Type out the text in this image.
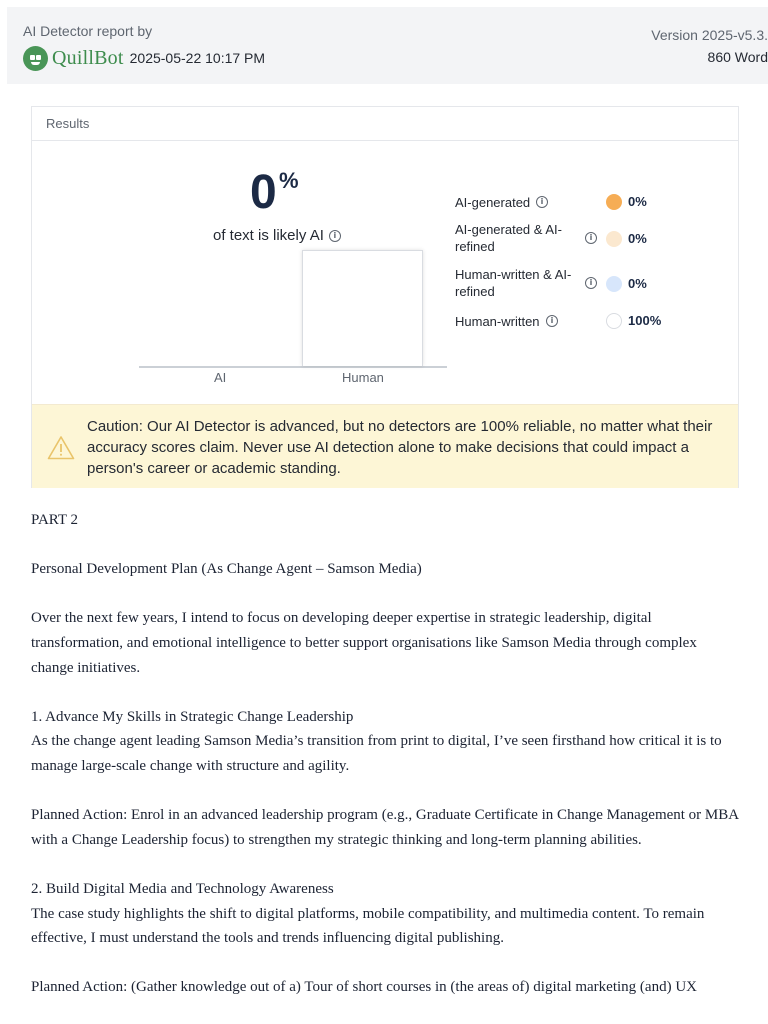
AI Detector report by
QuillBot 2025-05-22 10:17 PM
Version 2025-v5.3.
860 Word
Results
0 %
of text is likely AI	i
AI	Human
AI-generated	i	0%
AI-generated & AI-refined
i	0%
Human-written & AI-refined
i	0%
Human-written	i	100%
Caution: Our AI Detector is advanced, but no detectors are 100% reliable, no matter what their accuracy scores claim. Never use AI detection alone to make decisions that could impact a person's career or academic standing.

PART 2

Personal Development Plan (As Change Agent – Samson Media)

Over the next few years, I intend to focus on developing deeper expertise in strategic leadership, digital transformation, and emotional intelligence to better support organisations like Samson Media through complex change initiatives.

1. Advance My Skills in Strategic Change Leadership
As the change agent leading Samson Media’s transition from print to digital, I’ve seen firsthand how critical it is to manage large-scale change with structure and agility.

Planned Action: Enrol in an advanced leadership program (e.g., Graduate Certificate in Change Management or MBA with a Change Leadership focus) to strengthen my strategic thinking and long-term planning abilities.

2. Build Digital Media and Technology Awareness
The case study highlights the shift to digital platforms, mobile compatibility, and multimedia content. To remain effective, I must understand the tools and trends influencing digital publishing.

Planned Action: (Gather knowledge out of a) Tour of short courses in (the areas of) digital marketing (and) UX
